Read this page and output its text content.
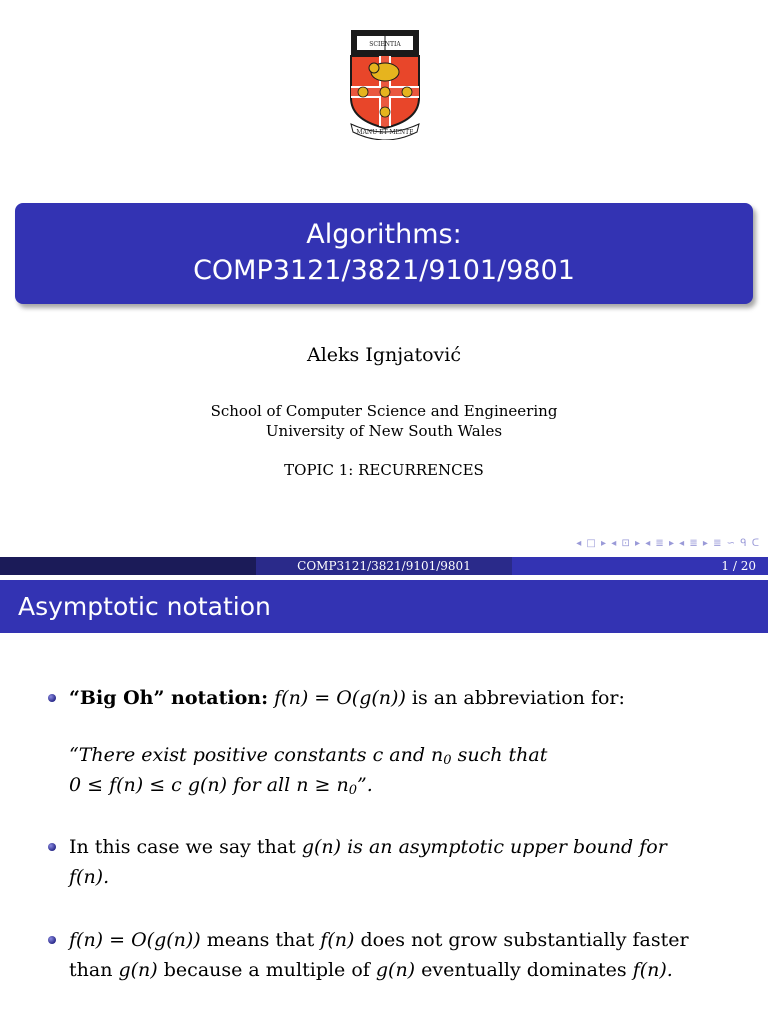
SCIENTIA
MANU ET MENTE
Algorithms:
COMP3121/3821/9101/9801
Aleks Ignjatović
School of Computer Science and Engineering
University of New South Wales
TOPIC 1: RECURRENCES
◂ □ ▸ ◂ ⊡ ▸ ◂ ≣ ▸ ◂ ≣ ▸ ≣ ∽ ᑫ ᑕ
COMP3121/3821/9101/9801	1 / 20
Asymptotic notation
“Big Oh” notation: f(n) = O(g(n)) is an abbreviation for:
“There exist positive constants c and $n_0$ such that
0 ≤ f(n) ≤ c g(n) for all $n \ge n_0$”.
In this case we say that g(n) is an asymptotic upper bound for
f(n).
f(n) = O(g(n)) means that f(n) does not grow substantially faster
than g(n) because a multiple of g(n) eventually dominates f(n).
